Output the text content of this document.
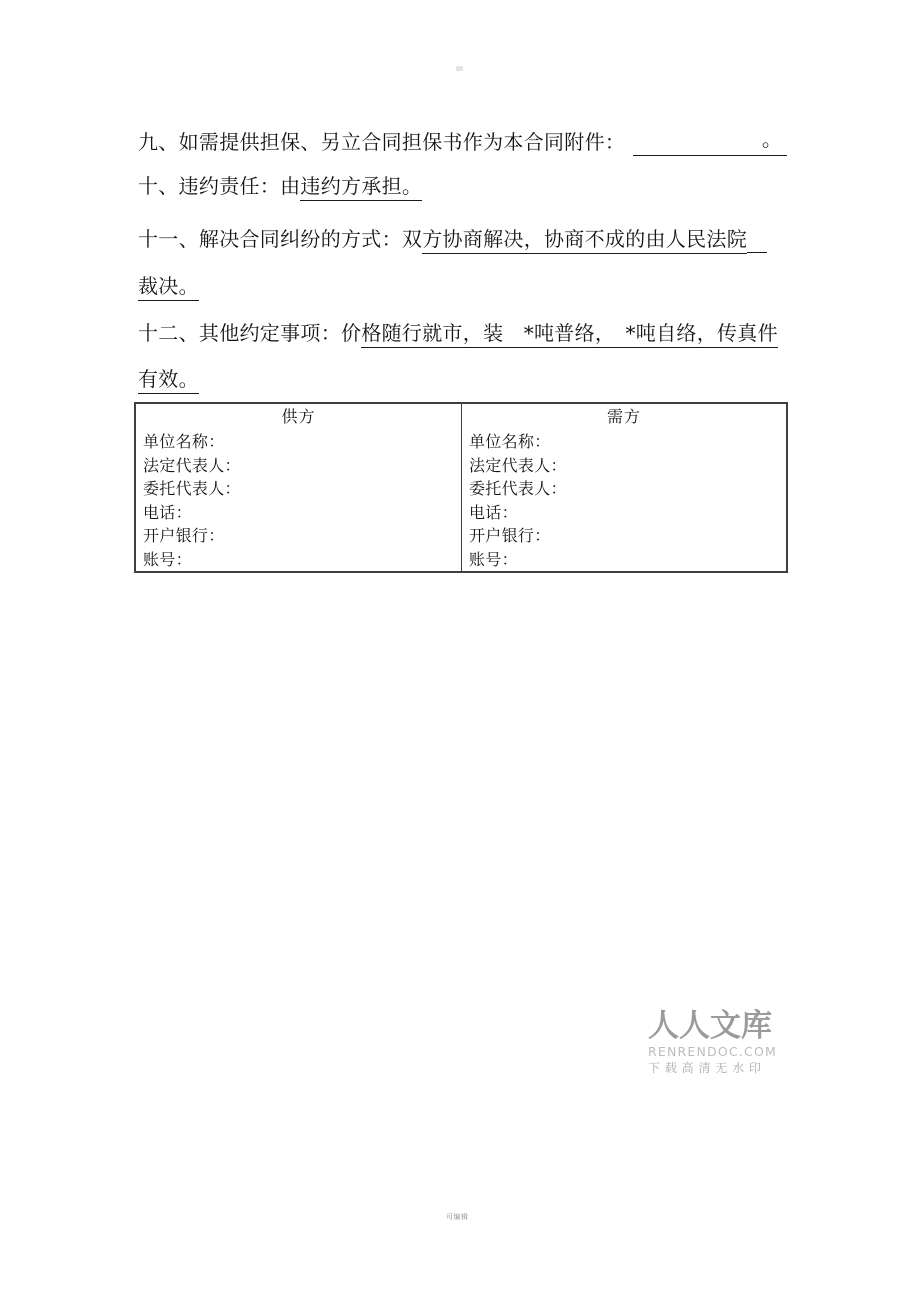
九、如需提供担保、另立合同担保书作为本合同附件：	。
十、违约责任：由违约方承担。
十一、解决合同纠纷的方式：双方协商解决，协商不成的由人民法院
裁决。
十二、其他约定事项：价格随行就市，装　*吨普络，　*吨自络，传真件
有效。
供方
单位名称：
法定代表人：
委托代表人：
电话：
开户银行：
账号：
需方
单位名称：
法定代表人：
委托代表人：
电话：
开户银行：
账号：
人人文库
RENRENDOC.COM
下 载 高 清 无 水 印
可编辑
